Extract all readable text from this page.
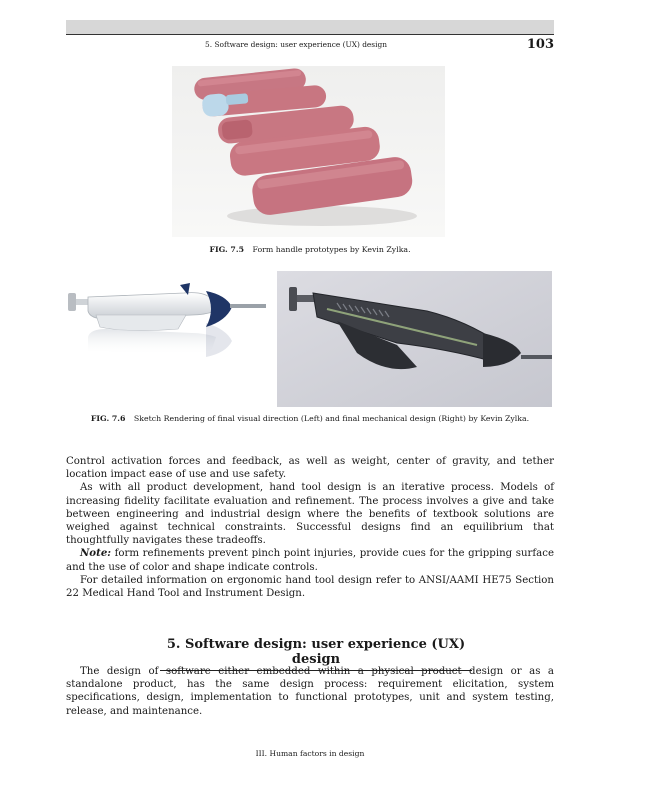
5. Software design: user experience (UX) design	103
FIG. 7.5 Form handle prototypes by Kevin Zylka.
FIG. 7.6 Sketch Rendering of final visual direction (Left) and final mechanical design (Right) by Kevin Zylka.

Control activation forces and feedback, as well as weight, center of gravity, and tether location impact ease of use and use safety.

As with all product development, hand tool design is an iterative process. Models of increasing fidelity facilitate evaluation and refinement. The process involves a give and take between engineering and industrial design where the benefits of textbook solutions are weighed against technical constraints. Successful designs find an equilibrium that thoughtfully navigates these tradeoffs.

Note: form refinements prevent pinch point injuries, provide cues for the gripping surface and the use of color and shape indicate controls.

For detailed information on ergonomic hand tool design refer to ANSI/AAMI HE75 Section 22 Medical Hand Tool and Instrument Design.

5. Software design: user experience (UX) design

The design of software either embedded within a physical product design or as a standalone product, has the same design process: requirement elicitation, system specifications, design, implementation to functional prototypes, unit and system testing, release, and maintenance.

III. Human factors in design
